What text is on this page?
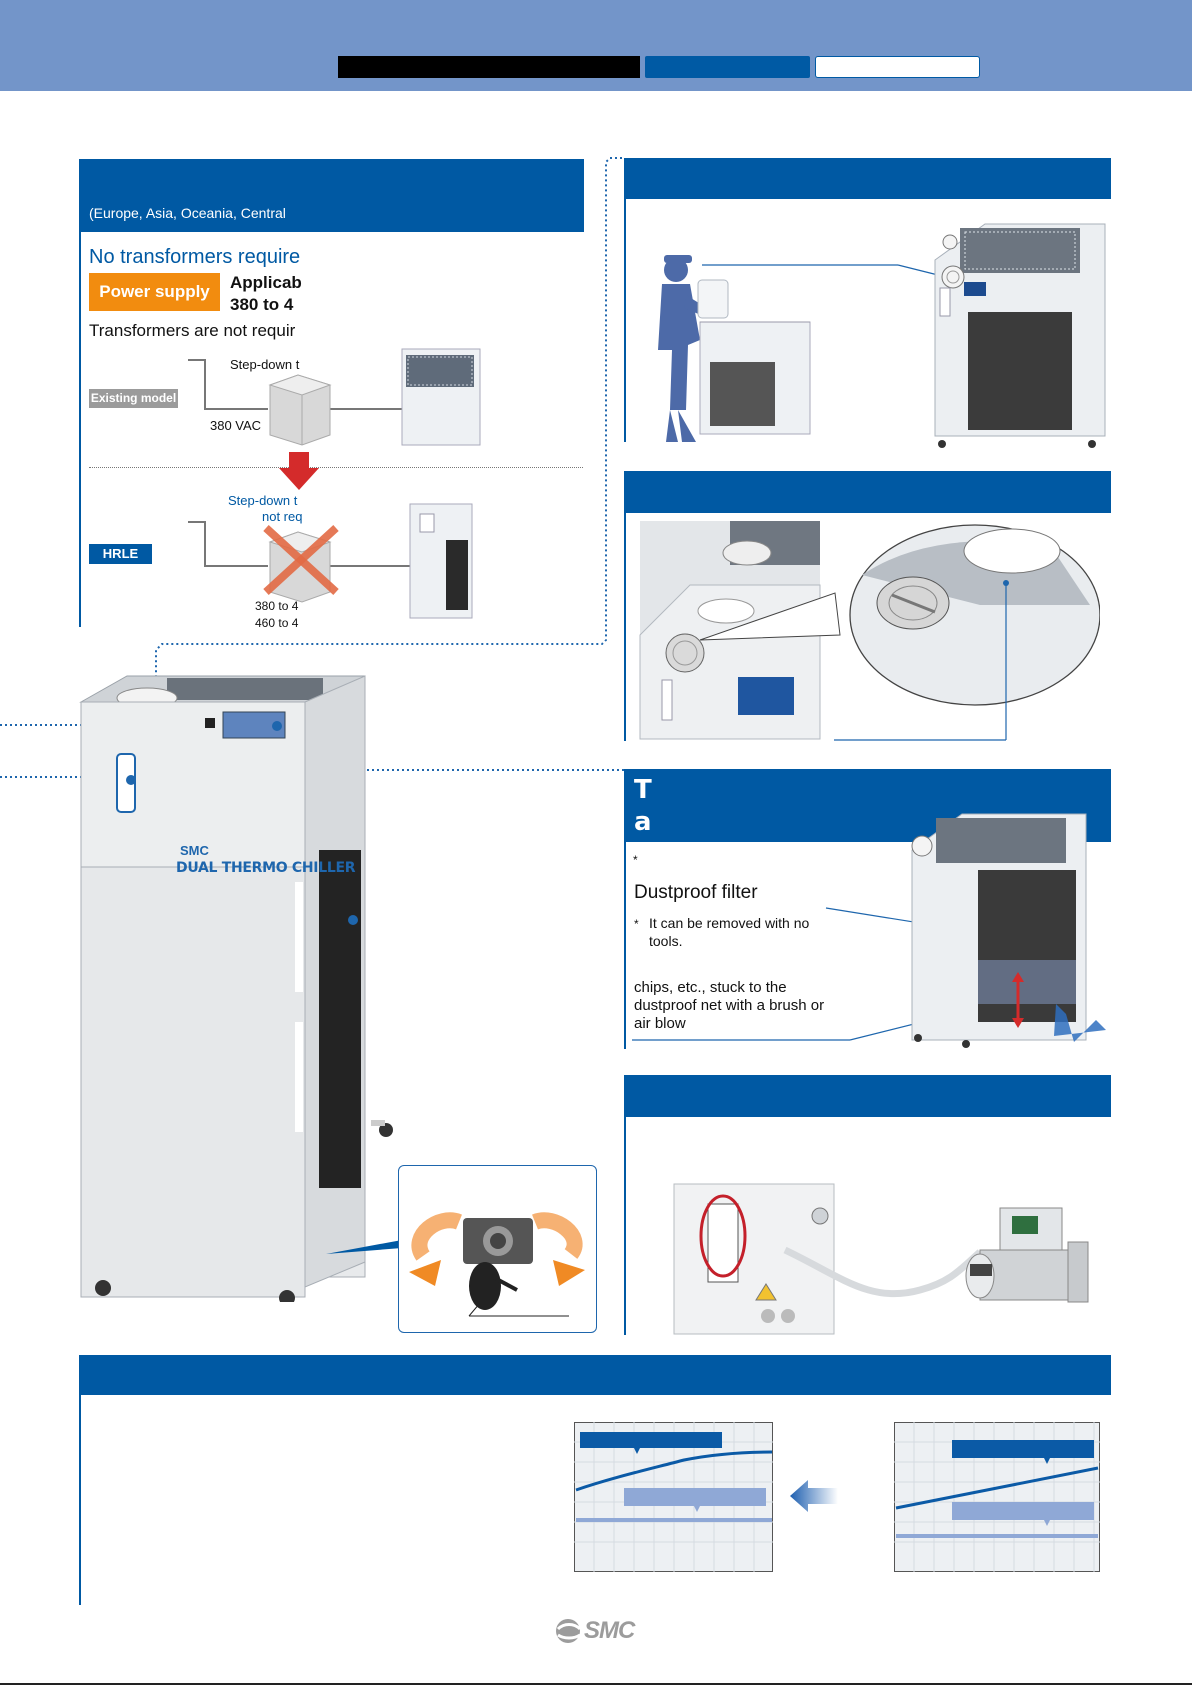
(Europe, Asia, Oceania, Central
No transformers require
Power supply	Applicab
380 to 4
Transformers are not requir
Step-down t
Existing model
380 VAC
Step-down t
not req
HRLE
380 to 4
460 to 4
T
a
*
Dustproof filter
* It can be removed with no tools.
chips, etc., stuck to the
dustproof net with a brush or
air blow
SMC
DUAL THERMO CHILLER
SMC
